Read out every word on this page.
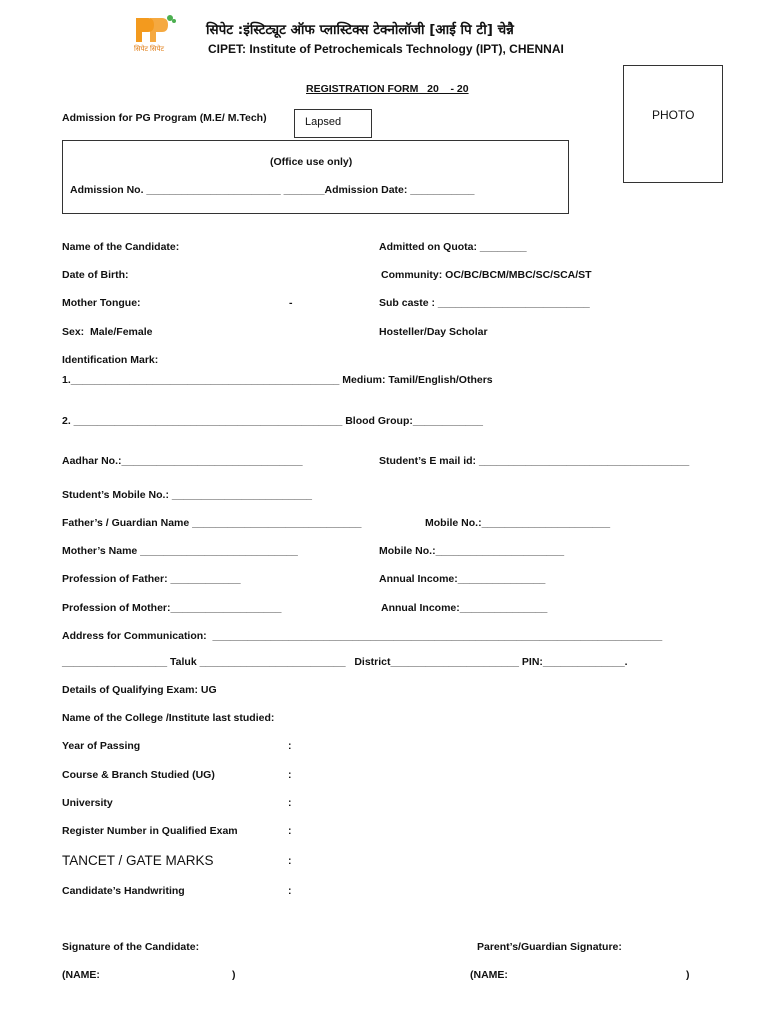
सिपेट सिपेट
सिपेट :इंस्टिट्यूट ऑफ प्लास्टिक्स टेक्नोलॉजी [आई पि टी] चेन्नै
CIPET: Institute of Petrochemicals Technology (IPT), CHENNAI
PHOTO
REGISTRATION FORM   20    - 20
Admission for PG Program (M.E/ M.Tech)	Lapsed
(Office use only)
Admission No. _______________________ _______Admission Date: ___________
Name of the Candidate:	Admitted on Quota: ________
Date of Birth:	Community: OC/BC/BCM/MBC/SC/SCA/ST
Mother Tongue:	-	Sub caste : __________________________
Sex:  Male/Female	Hosteller/Day Scholar
Identification Mark:
1.______________________________________________ Medium: Tamil/English/Others
2. ______________________________________________ Blood Group:____________
Aadhar No.:_______________________________	Student’s E mail id: ____________________________________
Student’s Mobile No.: ________________________
Father’s / Guardian Name _____________________________	Mobile No.:______________________
Mother’s Name ___________________________	Mobile No.:______________________
Profession of Father: ____________	Annual Income:_______________
Profession of Mother:___________________	Annual Income:_______________
Address for Communication:  _____________________________________________________________________________
__________________ Taluk _________________________   District______________________ PIN:______________.
Details of Qualifying Exam: UG
Name of the College /Institute last studied:
Year of Passing	:
Course & Branch Studied (UG)	:
University	:
Register Number in Qualified Exam	:
TANCET / GATE MARKS	:
Candidate’s Handwriting	:
Signature of the Candidate:	Parent’s/Guardian Signature:
(NAME:	)	(NAME:	)
